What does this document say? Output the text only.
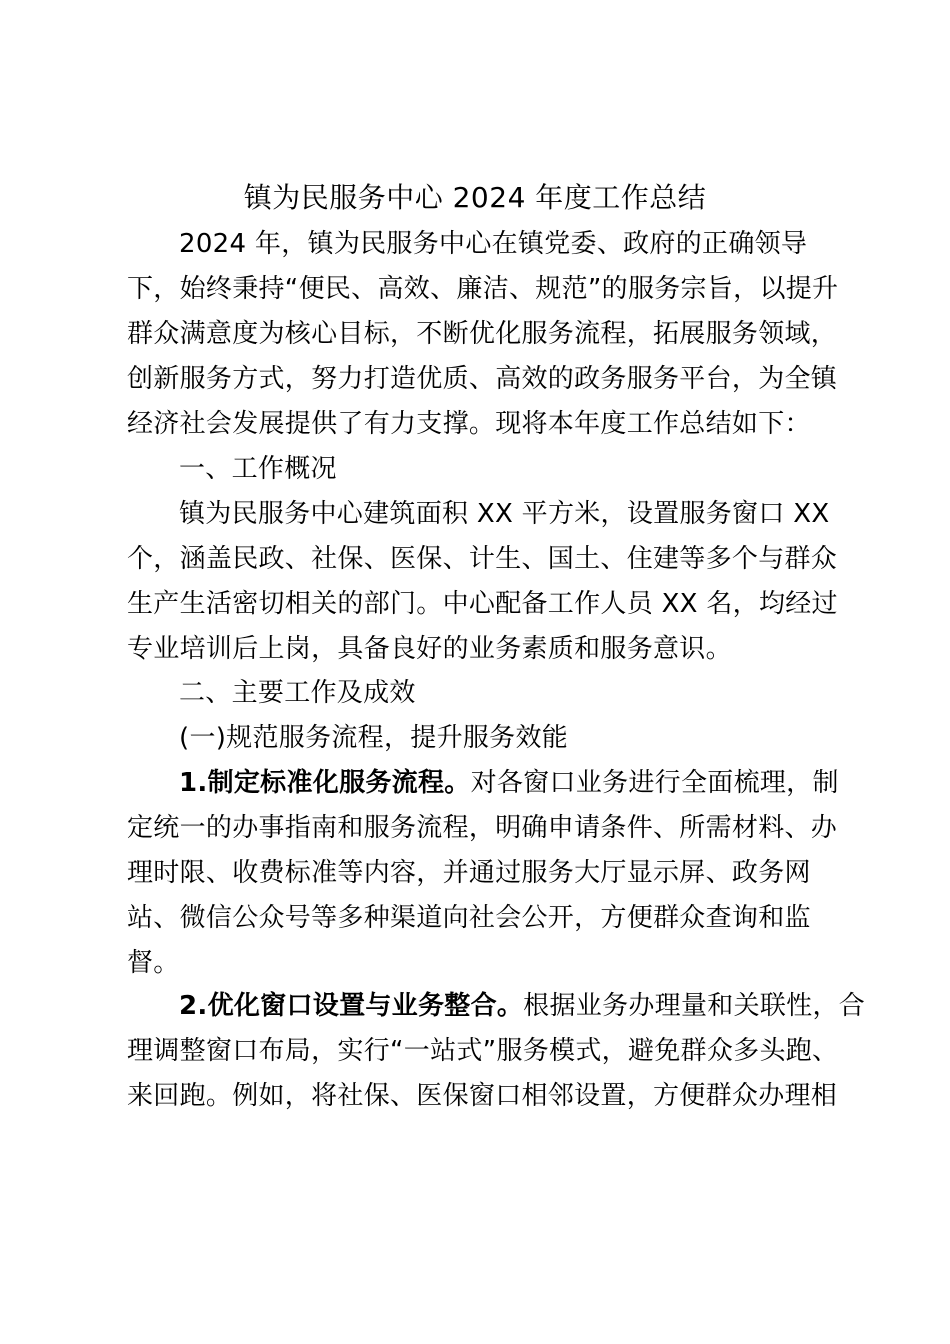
镇为民服务中心 2024 年度工作总结
2024 年，镇为民服务中心在镇党委、政府的正确领导
下，始终秉持“便民、高效、廉洁、规范”的服务宗旨，以提升
群众满意度为核心目标，不断优化服务流程，拓展服务领域，
创新服务方式，努力打造优质、高效的政务服务平台，为全镇
经济社会发展提供了有力支撑。现将本年度工作总结如下：
一、工作概况
镇为民服务中心建筑面积 XX 平方米，设置服务窗口 XX
个，涵盖民政、社保、医保、计生、国土、住建等多个与群众
生产生活密切相关的部门。中心配备工作人员 XX 名，均经过
专业培训后上岗，具备良好的业务素质和服务意识。
二、主要工作及成效
(一)规范服务流程，提升服务效能
1.制定标准化服务流程。对各窗口业务进行全面梳理，制
定统一的办事指南和服务流程，明确申请条件、所需材料、办
理时限、收费标准等内容，并通过服务大厅显示屏、政务网
站、微信公众号等多种渠道向社会公开，方便群众查询和监
督。
2.优化窗口设置与业务整合。根据业务办理量和关联性，合
理调整窗口布局，实行“一站式”服务模式，避免群众多头跑、
来回跑。例如，将社保、医保窗口相邻设置，方便群众办理相
